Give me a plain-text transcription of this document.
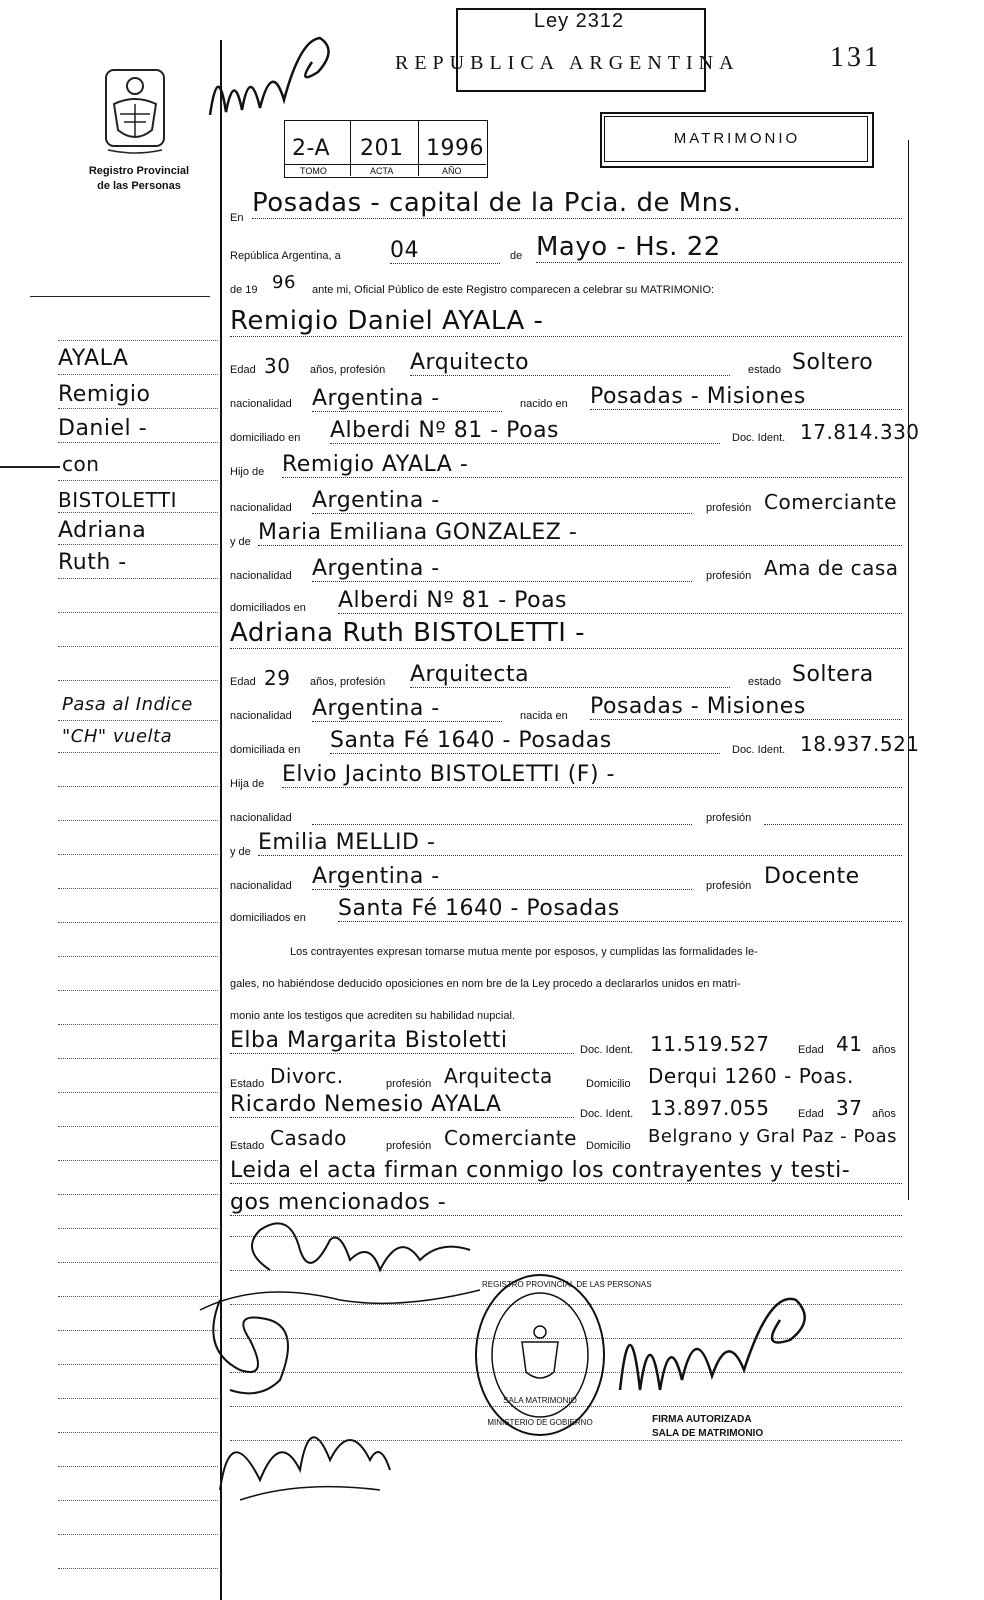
Registro Provincial
de las Personas
Ley 2312
REPUBLICA ARGENTINA	131
MATRIMONIO
2-A 201 1996
TOMO	ACTA	AÑO
AYALA
Remigio
Daniel -
con
BISTOLETTI
Adriana
Ruth -
Pasa al Indice
"CH" vuelta
En Posadas - capital de la Pcia. de Mns.
República Argentina, a 04	de Mayo - Hs. 22
de 19 96 ante mi, Oficial Público de este Registro comparecen a celebrar su MATRIMONIO:
Remigio Daniel AYALA -
Edad 30 años, profesión Arquitecto	estado Soltero
nacionalidad Argentina -	nacido en Posadas - Misiones
domiciliado en Alberdi Nº 81 - Poas	Doc. Ident. 17.814.330
Hijo de Remigio AYALA -
nacionalidad Argentina -	profesión Comerciante
y de Maria Emiliana GONZALEZ -
nacionalidad Argentina -	profesión Ama de casa
domiciliados en Alberdi Nº 81 - Poas
Adriana Ruth BISTOLETTI -
Edad 29 años, profesión Arquitecta	estado Soltera
nacionalidad Argentina -	nacida en Posadas - Misiones
domiciliada en Santa Fé 1640 - Posadas	Doc. Ident. 18.937.521
Hija de Elvio Jacinto BISTOLETTI (F) -
nacionalidad	profesión
y de Emilia MELLID -
nacionalidad Argentina -	profesión Docente
domiciliados en Santa Fé 1640 - Posadas
Los contrayentes expresan tomarse mutua mente por esposos, y cumplidas las formalidades le-
gales, no habiéndose deducido oposiciones en nom bre de la Ley procedo a declararlos unidos en matri-
monio ante los testigos que acrediten su habilidad nupcial.
Elba Margarita Bistoletti	Doc. Ident. 11.519.527	Edad 41 años
Estado Divorc.	profesión Arquitecta	Domicilio Derqui 1260 - Poas.
Ricardo Nemesio AYALA	Doc. Ident. 13.897.055	Edad 37 años
Estado Casado	profesión Comerciante Domicilio Belgrano y Gral Paz - Poas
Leida el acta firman conmigo los contrayentes y testi-
gos mencionados -
REGISTRO PROVINCIAL DE LAS PERSONAS
SALA MATRIMONIO
MINISTERIO DE GOBIERNO	FIRMA AUTORIZADA
SALA DE MATRIMONIO
